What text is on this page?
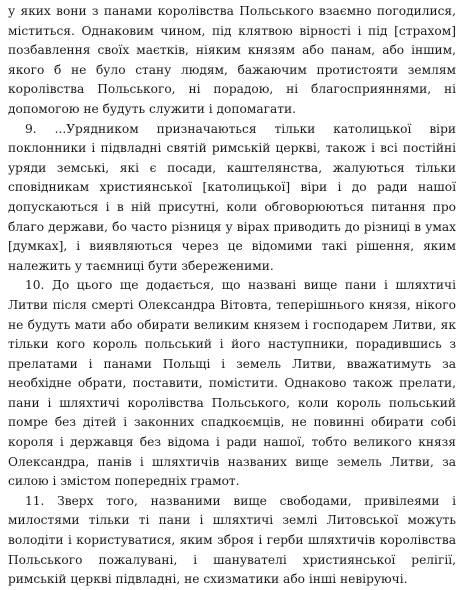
у яких вони з панами королівства Польського взаємно погодилися, міститься. Однаковим чином, під клятвою вірності і під [страхом] позбавлення своїх маєтків, ніяким князям або панам, або іншим, якого б не було стану людям, бажаючим протистояти землям королівства Польського, ні порадою, ні благосприяннями, ні допомогою не будуть служити і допомагати.

9. ...Урядником призначаються тільки католицької віри поклонники і підвладні святій римській церкві, також і всі постійні уряди земські, які є посади, каштелянства, жалуються тільки сповідникам християнської [католицької] віри і до ради нашої допускаються і в ній присутні, коли обговорюються питання про благо держави, бо часто різниця у вірах приводить до різниці в умах [думках], і виявляються через це відомими такі рішення, яким належить у таємниці бути збереженими.

10. До цього ще додається, що названі вище пани і шляхтичі Литви після смерті Олександра Вітовта, теперішнього князя, нікого не будуть мати або обирати великим князем і господарем Литви, як тільки кого король польський і його наступники, порадившись з прелатами і панами Польщі і земель Литви, вважатимуть за необхідне обрати, поставити, помістити. Однаково також прелати, пани і шляхтичі королівства Польського, коли король польський помре без дітей і законних спадкоємців, не повинні обирати собі короля і державця без відома і ради нашої, тобто великого князя Олександра, панів і шляхтичів названих вище земель Литви, за силою і змістом попередніх грамот.

11. Зверх того, названими вище свободами, привілеями і милостями тільки ті пани і шляхтичі землі Литовської можуть володіти і користуватися, яким зброя і герби шляхтичів королівства Польського пожалувані, і шанувателі християнської релігії, римській церкві підвладні, не схизматики або інші невіруючі.
